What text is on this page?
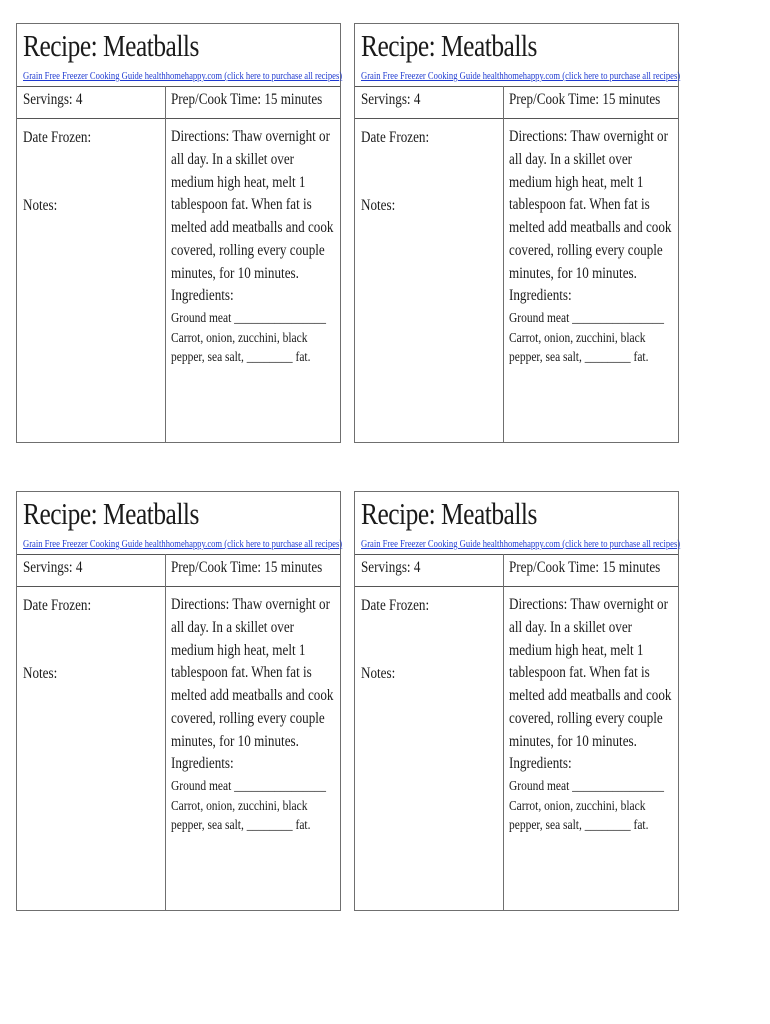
Recipe: Meatballs
Grain Free Freezer Cooking Guide healthhomehappy.com (click here to purchase all recipes)
Servings: 4	Prep/Cook Time: 15 minutes
Date Frozen:
Notes:
Directions: Thaw overnight or all day. In a skillet over medium high heat, melt 1 tablespoon fat. When fat is melted add meatballs and cook covered, rolling every couple minutes, for 10 minutes.
Ingredients:
Ground meat ________________
Carrot, onion, zucchini, black pepper, sea salt, ________ fat.
Recipe: Meatballs
Grain Free Freezer Cooking Guide healthhomehappy.com (click here to purchase all recipes)
Servings: 4	Prep/Cook Time: 15 minutes
Date Frozen:
Notes:
Directions: Thaw overnight or all day. In a skillet over medium high heat, melt 1 tablespoon fat. When fat is melted add meatballs and cook covered, rolling every couple minutes, for 10 minutes.
Ingredients:
Ground meat ________________
Carrot, onion, zucchini, black pepper, sea salt, ________ fat.
Recipe: Meatballs
Grain Free Freezer Cooking Guide healthhomehappy.com (click here to purchase all recipes)
Servings: 4	Prep/Cook Time: 15 minutes
Date Frozen:
Notes:
Directions: Thaw overnight or all day. In a skillet over medium high heat, melt 1 tablespoon fat. When fat is melted add meatballs and cook covered, rolling every couple minutes, for 10 minutes.
Ingredients:
Ground meat ________________
Carrot, onion, zucchini, black pepper, sea salt, ________ fat.
Recipe: Meatballs
Grain Free Freezer Cooking Guide healthhomehappy.com (click here to purchase all recipes)
Servings: 4	Prep/Cook Time: 15 minutes
Date Frozen:
Notes:
Directions: Thaw overnight or all day. In a skillet over medium high heat, melt 1 tablespoon fat. When fat is melted add meatballs and cook covered, rolling every couple minutes, for 10 minutes.
Ingredients:
Ground meat ________________
Carrot, onion, zucchini, black pepper, sea salt, ________ fat.
